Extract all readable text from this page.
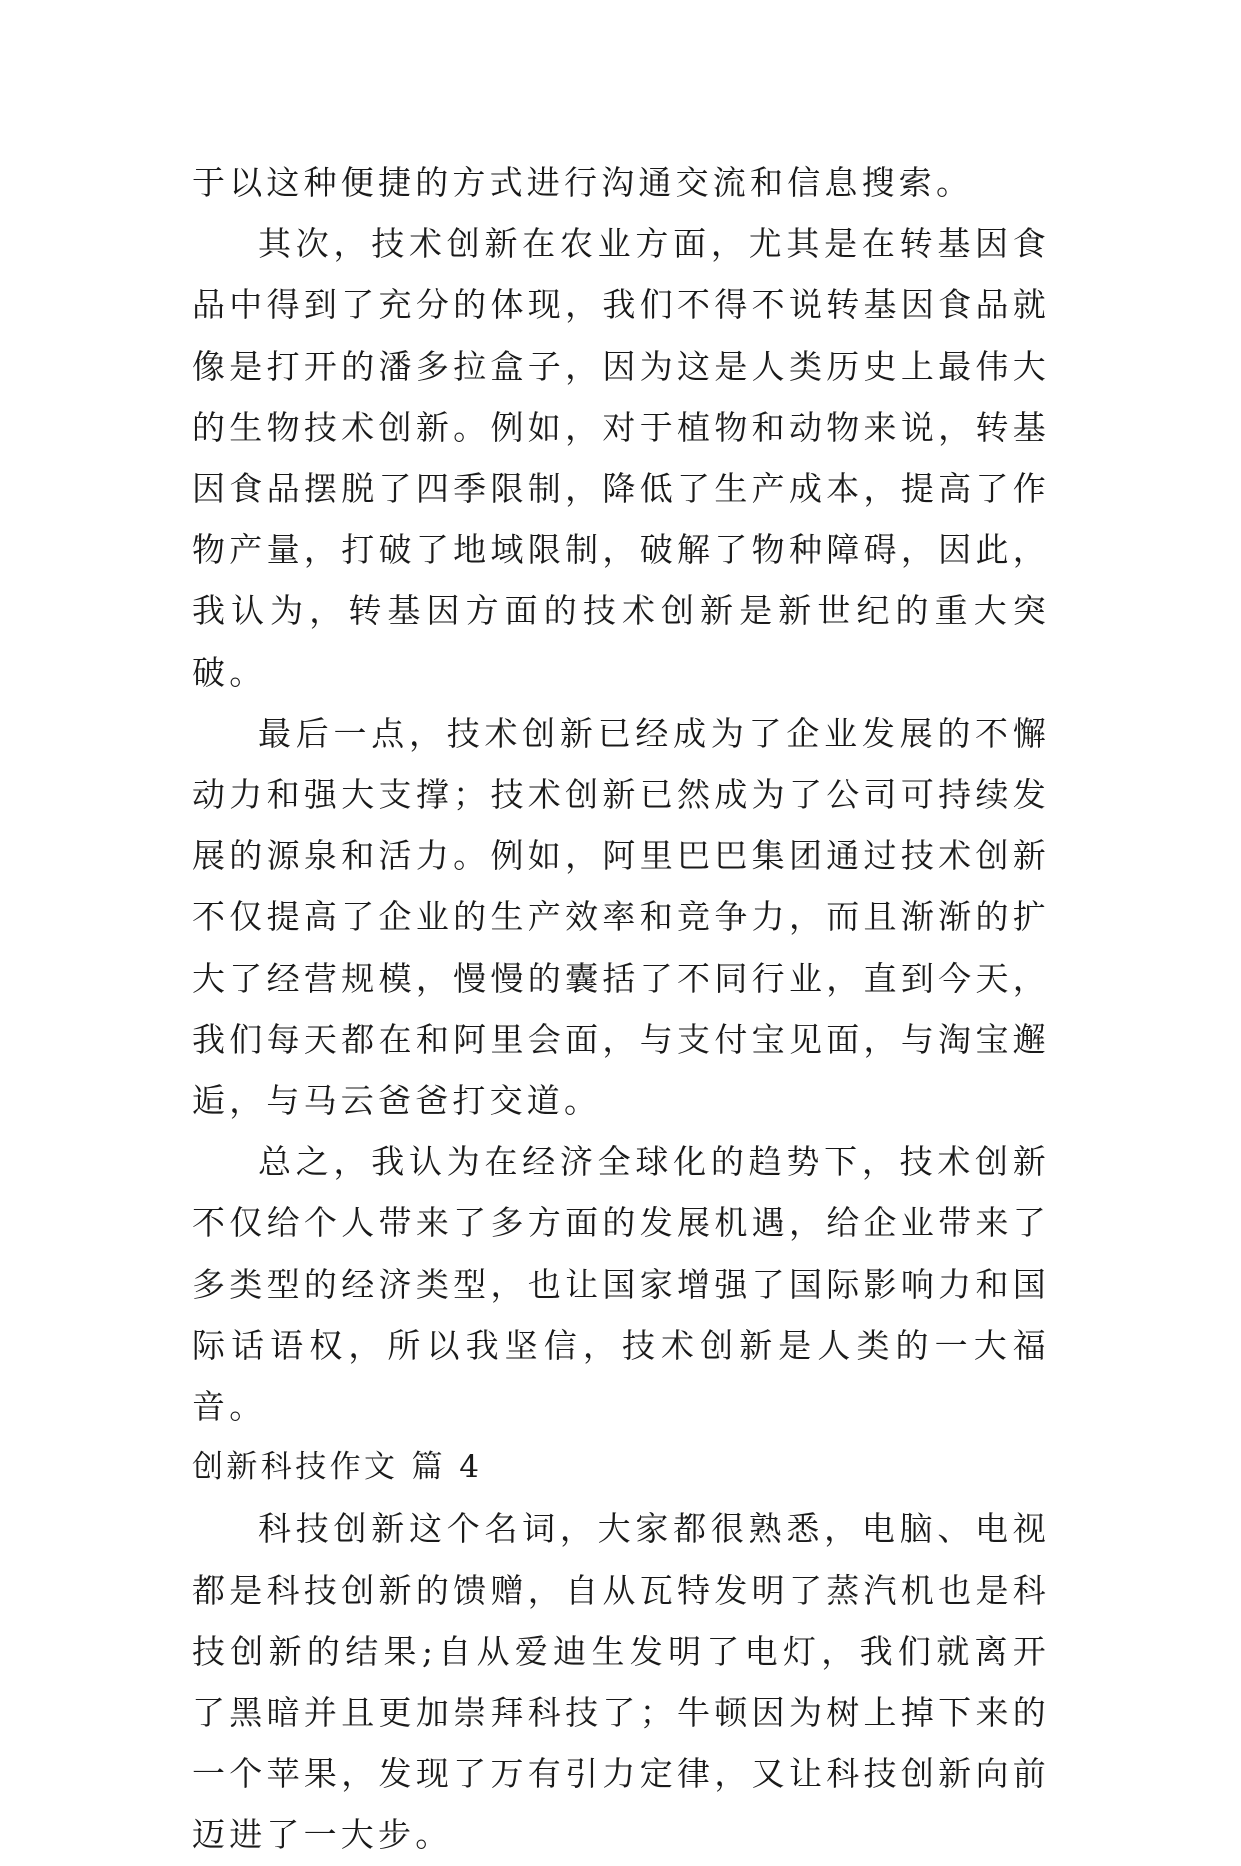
于以这种便捷的方式进行沟通交流和信息搜索。

其次，技术创新在农业方面，尤其是在转基因食品中得到了充分的体现，我们不得不说转基因食品就像是打开的潘多拉盒子，因为这是人类历史上最伟大的生物技术创新。例如，对于植物和动物来说，转基因食品摆脱了四季限制，降低了生产成本，提高了作物产量，打破了地域限制，破解了物种障碍，因此，我认为，转基因方面的技术创新是新世纪的重大突破。

最后一点，技术创新已经成为了企业发展的不懈动力和强大支撑；技术创新已然成为了公司可持续发展的源泉和活力。例如，阿里巴巴集团通过技术创新不仅提高了企业的生产效率和竞争力，而且渐渐的扩大了经营规模，慢慢的囊括了不同行业，直到今天，我们每天都在和阿里会面，与支付宝见面，与淘宝邂逅，与马云爸爸打交道。

总之，我认为在经济全球化的趋势下，技术创新不仅给个人带来了多方面的发展机遇，给企业带来了多类型的经济类型，也让国家增强了国际影响力和国际话语权，所以我坚信，技术创新是人类的一大福音。

创新科技作文 篇 4

科技创新这个名词，大家都很熟悉，电脑、电视都是科技创新的馈赠，自从瓦特发明了蒸汽机也是科技创新的结果;自从爱迪生发明了电灯，我们就离开了黑暗并且更加崇拜科技了；牛顿因为树上掉下来的一个苹果，发现了万有引力定律，又让科技创新向前迈进了一大步。
